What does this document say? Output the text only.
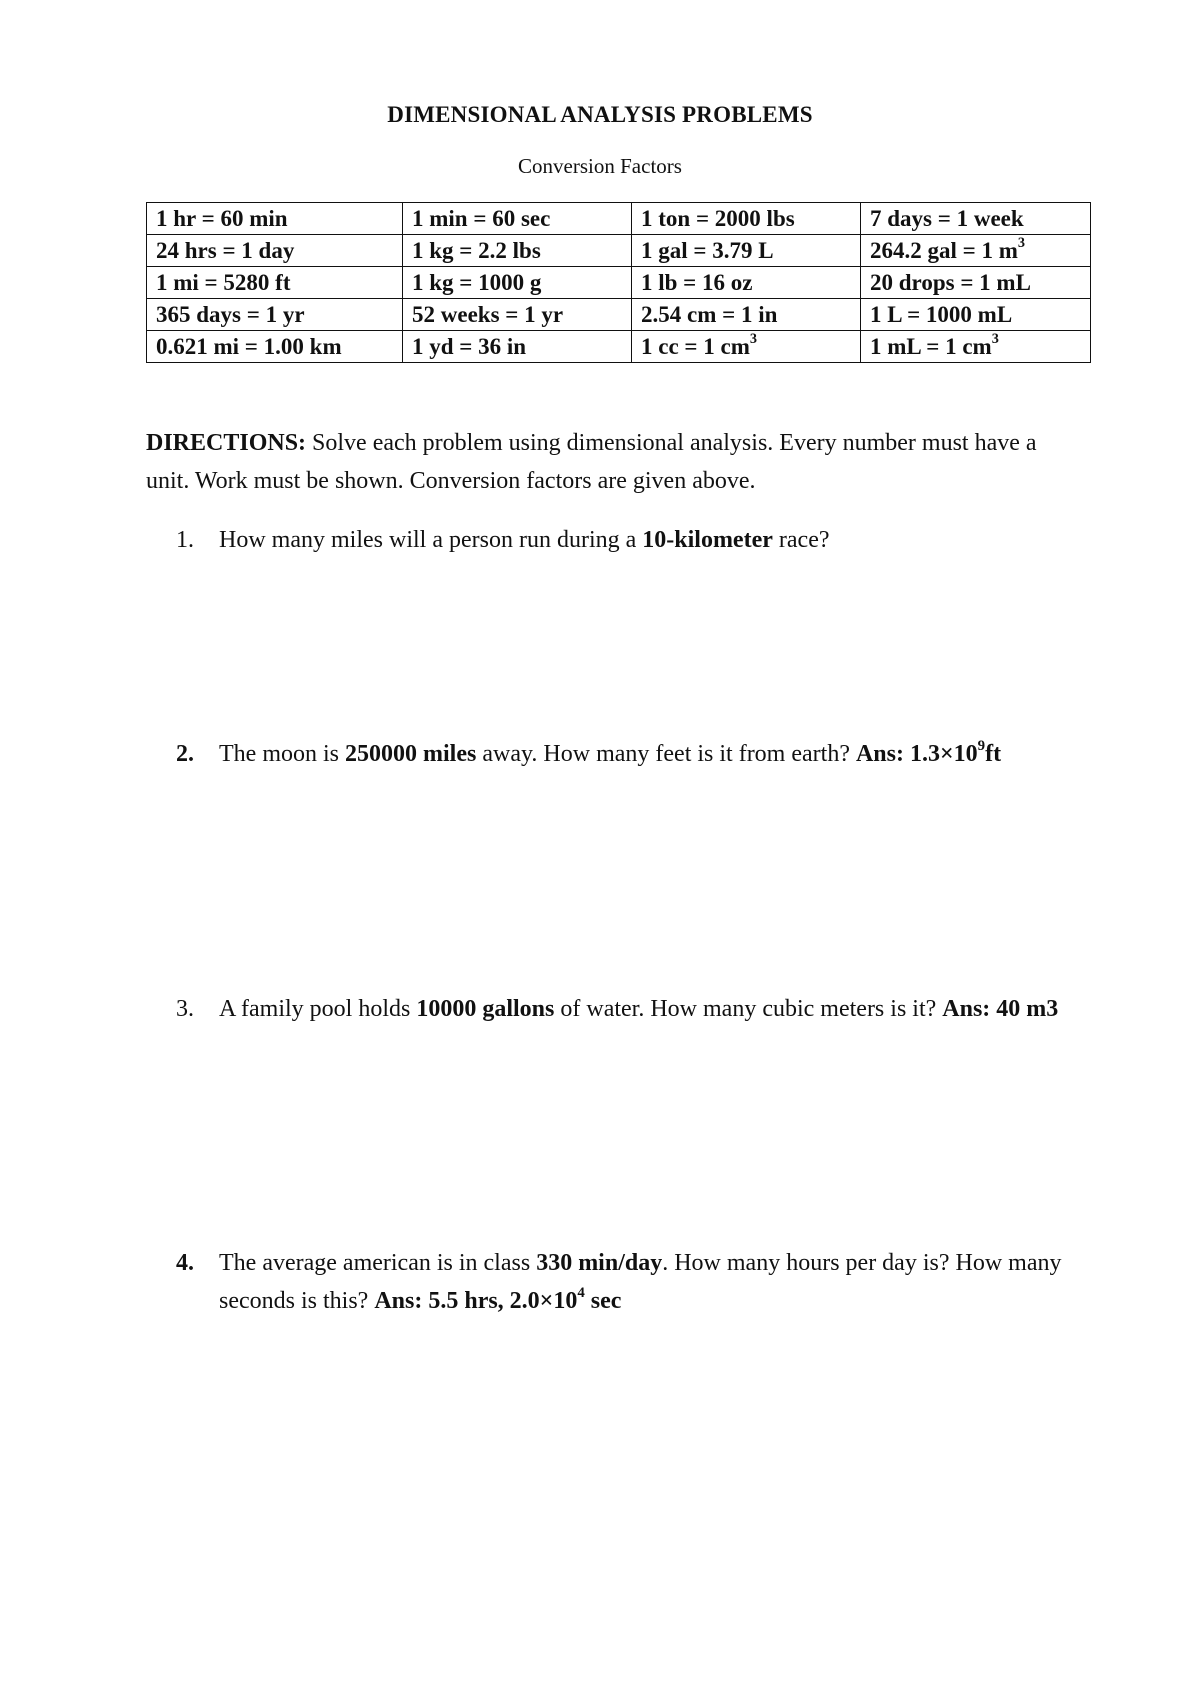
DIMENSIONAL ANALYSIS PROBLEMS
Conversion Factors
1 hr = 60 min	1 min = 60 sec	1 ton = 2000 lbs	7 days = 1 week
24 hrs = 1 day	1 kg = 2.2 lbs	1 gal = 3.79 L	264.2 gal = 1 $m^3$
1 mi = 5280 ft	1 kg = 1000 g	1 lb = 16 oz	20 drops = 1 mL
365 days = 1 yr	52 weeks = 1 yr	2.54 cm = 1 in	1 L = 1000 mL
0.621 mi = 1.00 km	1 yd = 36 in	1 cc = 1 $cm^3$	1 mL = 1 $cm^3$
DIRECTIONS: Solve each problem using dimensional analysis. Every number must have a unit. Work must be shown. Conversion factors are given above.
1.	How many miles will a person run during a 10-kilometer race?
2.	The moon is 250000 miles away. How many feet is it from earth? Ans: $1.3\times 10^9ft$
3.	A family pool holds 10000 gallons of water. How many cubic meters is it? Ans: 40 m3
4.	The average american is in class 330 min/day. How many hours per day is? How many seconds is this? Ans: 5.5 hrs, $2.0\times 10^4$ sec
